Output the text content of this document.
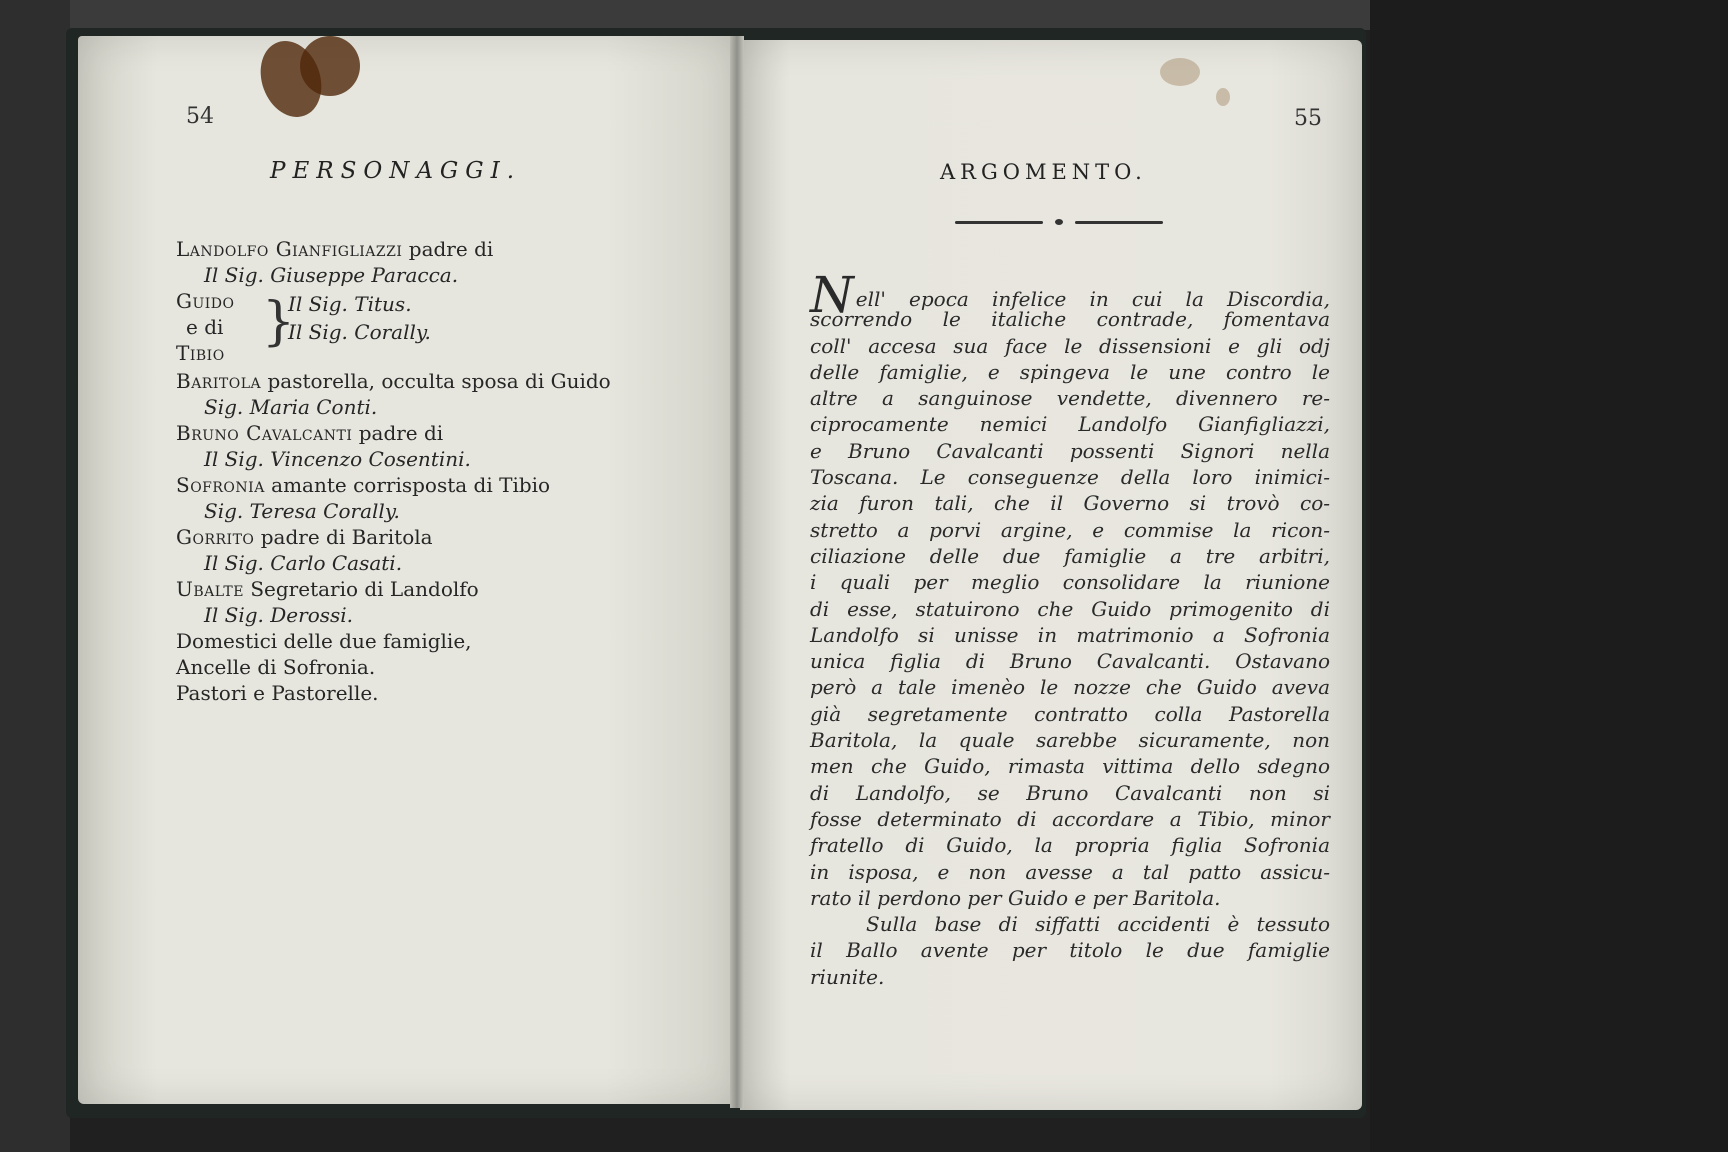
54
PERSONAGGI.
Landolfo Gianfigliazzi padre di
Il Sig. Giuseppe Paracca.
Guido
e di
Tibio
}
Il Sig. Titus.
Il Sig. Corally.
Baritola pastorella, occulta sposa di Guido
Sig. Maria Conti.
Bruno Cavalcanti padre di
Il Sig. Vincenzo Cosentini.
Sofronia amante corrisposta di Tibio
Sig. Teresa Corally.
Gorrito padre di Baritola
Il Sig. Carlo Casati.
Ubalte Segretario di Landolfo
Il Sig. Derossi.
Domestici delle due famiglie,
Ancelle di Sofronia.
Pastori e Pastorelle.
55
ARGOMENTO.
Nell' epoca infelice in cui la Discordia,
scorrendo le italiche contrade, fomentava
coll' accesa sua face le dissensioni e gli odj
delle famiglie, e spingeva le une contro le
altre a sanguinose vendette, divennero re-
ciprocamente nemici Landolfo Gianfigliazzi,
e Bruno Cavalcanti possenti Signori nella
Toscana. Le conseguenze della loro inimici-
zia furon tali, che il Governo si trovò co-
stretto a porvi argine, e commise la ricon-
ciliazione delle due famiglie a tre arbitri,
i quali per meglio consolidare la riunione
di esse, statuirono che Guido primogenito di
Landolfo si unisse in matrimonio a Sofronia
unica figlia di Bruno Cavalcanti. Ostavano
però a tale imenèo le nozze che Guido aveva
già segretamente contratto colla Pastorella
Baritola, la quale sarebbe sicuramente, non
men che Guido, rimasta vittima dello sdegno
di Landolfo, se Bruno Cavalcanti non si
fosse determinato di accordare a Tibio, minor
fratello di Guido, la propria figlia Sofronia
in isposa, e non avesse a tal patto assicu-
rato il perdono per Guido e per Baritola.
Sulla base di siffatti accidenti è tessuto
il Ballo avente per titolo le due famiglie
riunite.
